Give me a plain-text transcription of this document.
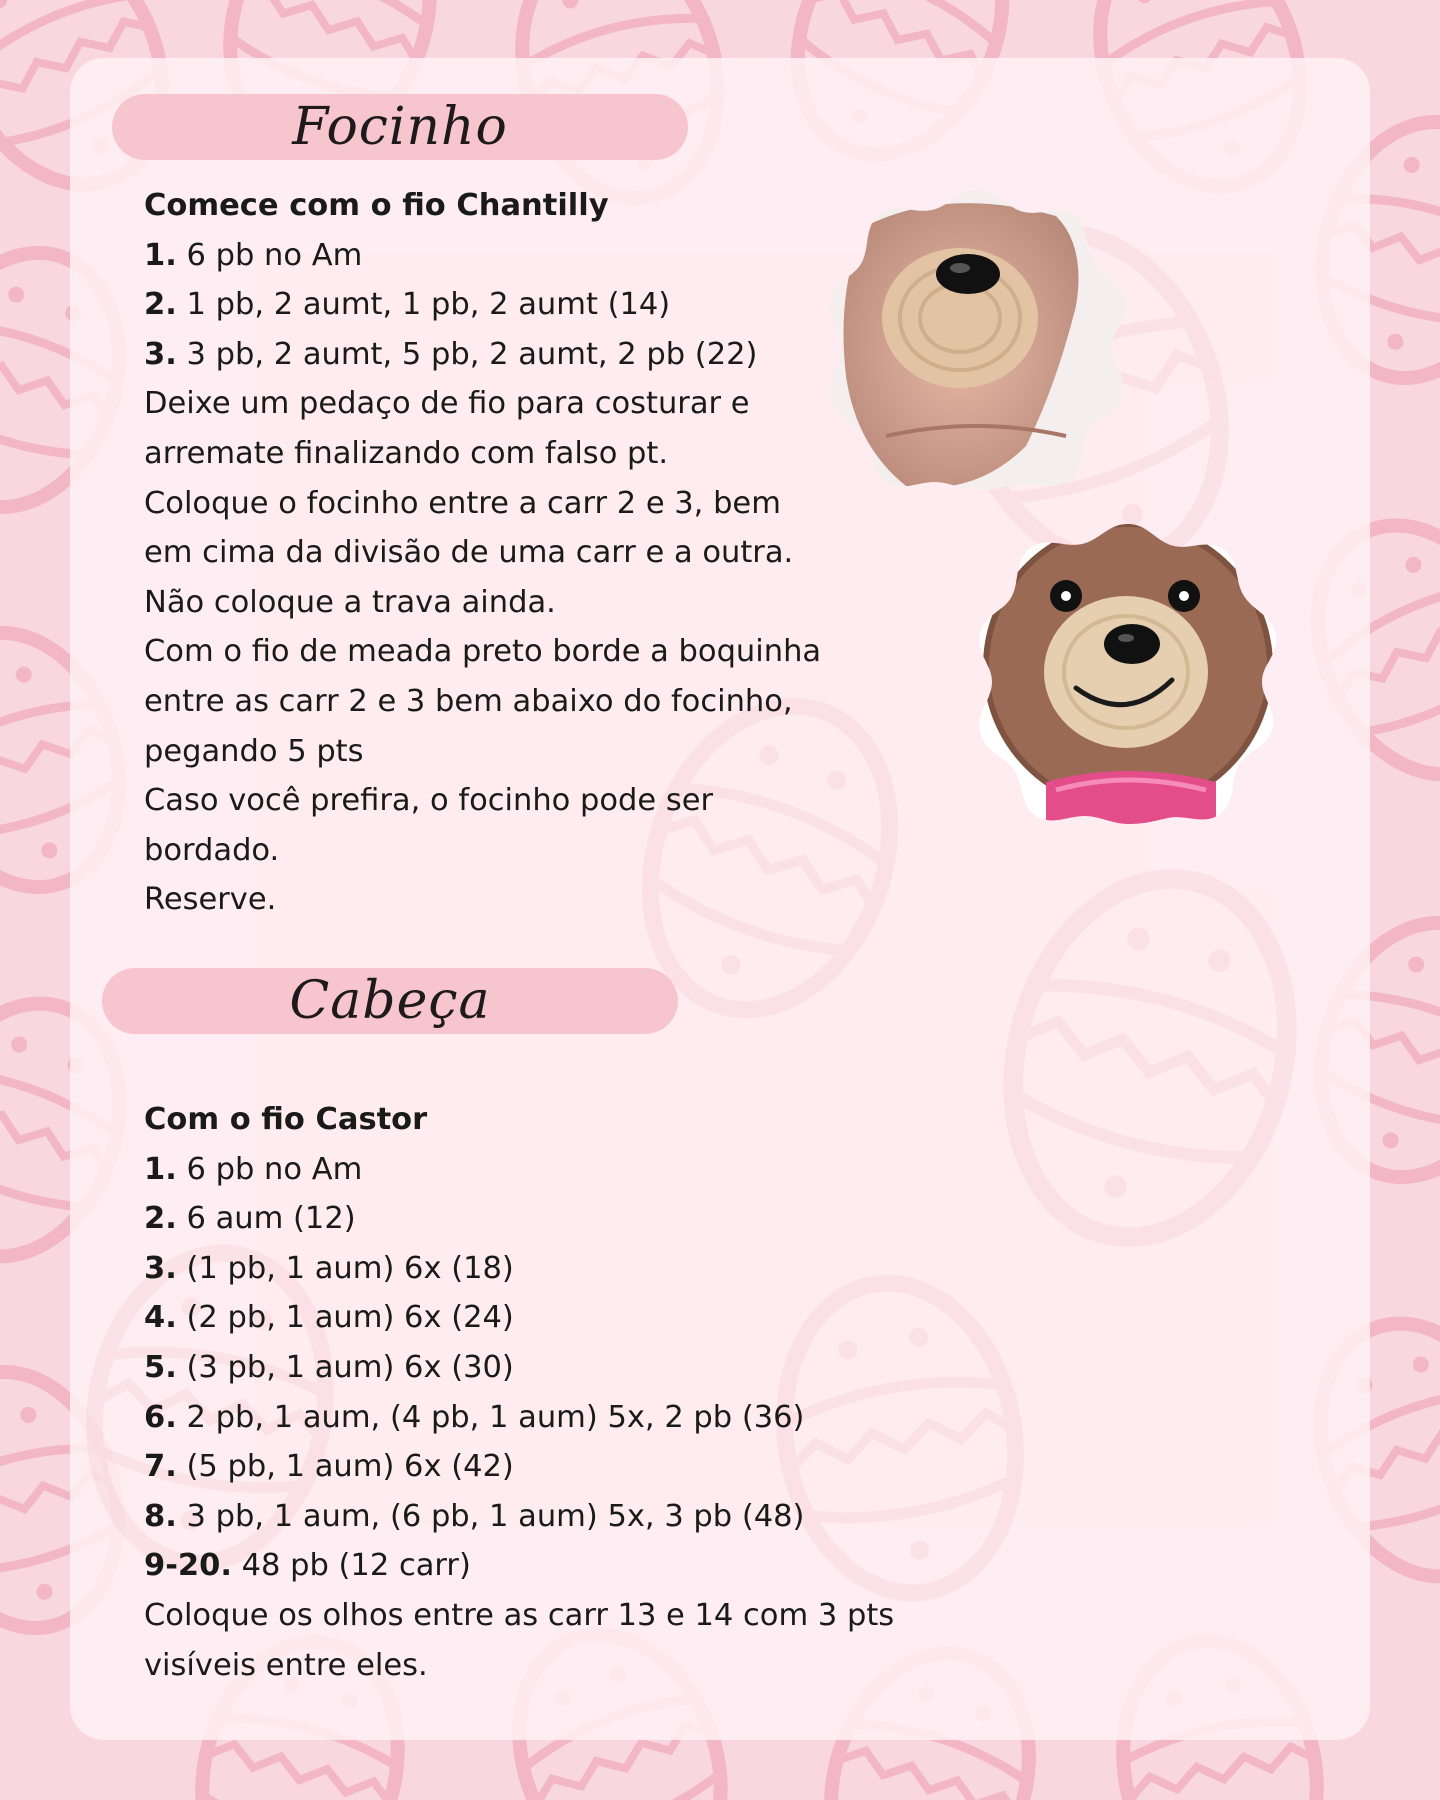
Focinho
Comece com o fio Chantilly
1. 6 pb no Am
2. 1 pb, 2 aumt, 1 pb, 2 aumt (14)
3. 3 pb, 2 aumt, 5 pb, 2 aumt, 2 pb (22)
Deixe um pedaço de fio para costurar e
arremate finalizando com falso pt.
Coloque o focinho entre a carr 2 e 3, bem
em cima da divisão de uma carr e a outra.
Não coloque a trava ainda.
Com o fio de meada preto borde a boquinha
entre as carr 2 e 3 bem abaixo do focinho,
pegando 5 pts
Caso você prefira, o focinho pode ser
bordado.
Reserve.
Cabeça
Com o fio Castor
1. 6 pb no Am
2. 6 aum (12)
3. (1 pb, 1 aum) 6x (18)
4. (2 pb, 1 aum) 6x (24)
5. (3 pb, 1 aum) 6x (30)
6. 2 pb, 1 aum, (4 pb, 1 aum) 5x, 2 pb (36)
7. (5 pb, 1 aum) 6x (42)
8. 3 pb, 1 aum, (6 pb, 1 aum) 5x, 3 pb (48)
9-20. 48 pb (12 carr)
Coloque os olhos entre as carr 13 e 14 com 3 pts
visíveis entre eles.
